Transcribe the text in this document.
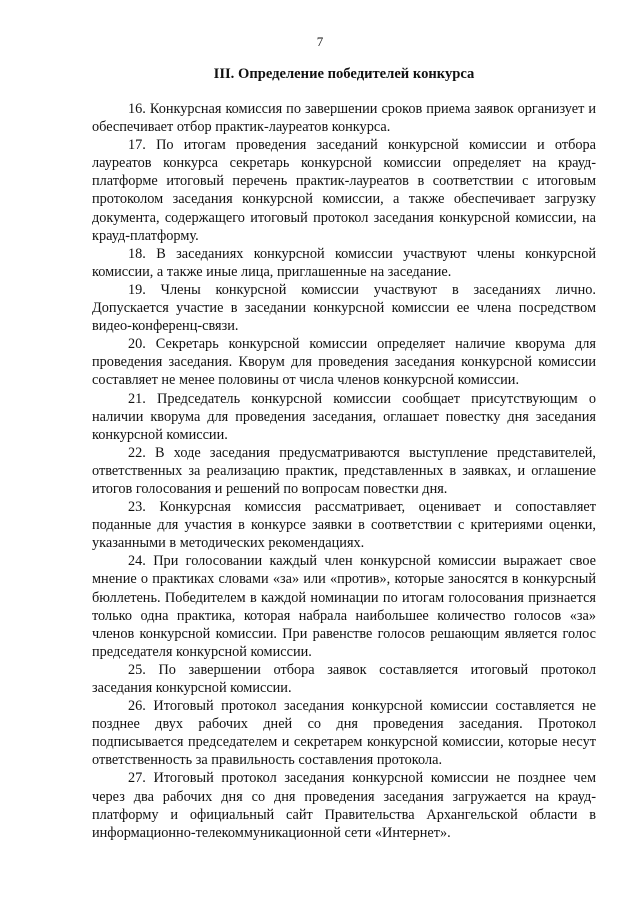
7
III. Определение победителей конкурса

16. Конкурсная комиссия по завершении сроков приема заявок организует и обеспечивает отбор практик-лауреатов конкурса.

17. По итогам проведения заседаний конкурсной комиссии и отбора лауреатов конкурса секретарь конкурсной комиссии определяет на крауд-платформе итоговый перечень практик-лауреатов в соответствии с итоговым протоколом заседания конкурсной комиссии, а также обеспечивает загрузку документа, содержащего итоговый протокол заседания конкурсной комиссии, на крауд-платформу.

18. В заседаниях конкурсной комиссии участвуют члены конкурсной комиссии, а также иные лица, приглашенные на заседание.

19. Члены конкурсной комиссии участвуют в заседаниях лично. Допускается участие в заседании конкурсной комиссии ее члена посредством видео-конференц-связи.

20. Секретарь конкурсной комиссии определяет наличие кворума для проведения заседания. Кворум для проведения заседания конкурсной комиссии составляет не менее половины от числа членов конкурсной комиссии.

21. Председатель конкурсной комиссии сообщает присутствующим о наличии кворума для проведения заседания, оглашает повестку дня заседания конкурсной комиссии.

22. В ходе заседания предусматриваются выступление представителей, ответственных за реализацию практик, представленных в заявках, и оглашение итогов голосования и решений по вопросам повестки дня.

23. Конкурсная комиссия рассматривает, оценивает и сопоставляет поданные для участия в конкурсе заявки в соответствии с критериями оценки, указанными в методических рекомендациях.

24. При голосовании каждый член конкурсной комиссии выражает свое мнение о практиках словами «за» или «против», которые заносятся в конкурсный бюллетень. Победителем в каждой номинации по итогам голосования признается только одна практика, которая набрала наибольшее количество голосов «за» членов конкурсной комиссии. При равенстве голосов решающим является голос председателя конкурсной комиссии.

25. По завершении отбора заявок составляется итоговый протокол заседания конкурсной комиссии.

26. Итоговый протокол заседания конкурсной комиссии составляется не позднее двух рабочих дней со дня проведения заседания. Протокол подписывается председателем и секретарем конкурсной комиссии, которые несут ответственность за правильность составления протокола.

27. Итоговый протокол заседания конкурсной комиссии не позднее чем через два рабочих дня со дня проведения заседания загружается на крауд-платформу и официальный сайт Правительства Архангельской области в информационно-телекоммуникационной сети «Интернет».
